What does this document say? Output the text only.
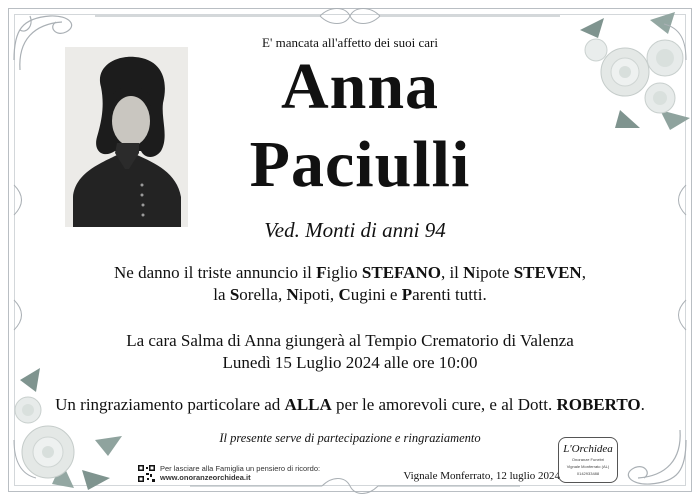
E' mancata all'affetto dei suoi cari
Anna
Paciulli
Ved. Monti di anni 94
Ne danno il triste annuncio il Figlio STEFANO, il Nipote STEVEN,
la Sorella, Nipoti, Cugini e Parenti tutti.
La cara Salma di Anna giungerà al Tempio Crematorio di Valenza
Lunedì 15 Luglio 2024 alle ore 10:00
Un ringraziamento particolare ad ALLA per le amorevoli cure, e al Dott. ROBERTO.
Il presente serve di partecipazione e ringraziamento
Per lasciare alla Famiglia un pensiero di ricordo:
www.onoranzeorchidea.it	Vignale Monferrato, 12 luglio 2024
L'Orchidea
Onoranze Funebri
Vignale Monferrato (AL)
0142933488
